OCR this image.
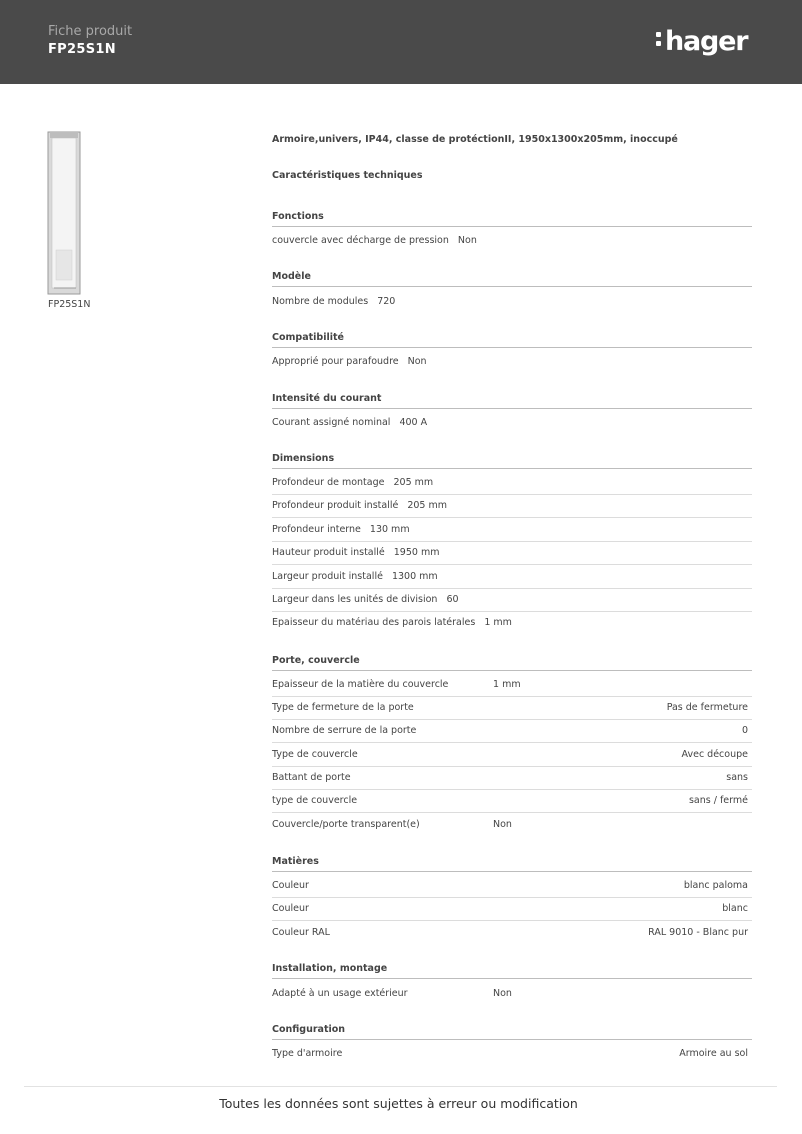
Fiche produit
FP25S1N	hager
FP25S1N
Armoire,univers, IP44, classe de protéctionII, 1950x1300x205mm, inoccupé
Caractéristiques techniques
Fonctions
couvercle avec décharge de pression Non
Modèle
Nombre de modules 720
Compatibilité
Approprié pour parafoudre Non
Intensité du courant
Courant assigné nominal 400 A
Dimensions
Profondeur de montage 205 mm
Profondeur produit installé 205 mm
Profondeur interne 130 mm
Hauteur produit installé 1950 mm
Largeur produit installé 1300 mm
Largeur dans les unités de division 60
Epaisseur du matériau des parois latérales 1 mm
Porte, couvercle
Epaisseur de la matière du couvercle	1 mm
Type de fermeture de la porte	Pas de fermeture
Nombre de serrure de la porte	0
Type de couvercle	Avec découpe
Battant de porte	sans
type de couvercle	sans / fermé
Couvercle/porte transparent(e)	Non
Matières
Couleur	blanc paloma
Couleur	blanc
Couleur RAL	RAL 9010 - Blanc pur
Installation, montage
Adapté à un usage extérieur	Non
Configuration
Type d'armoire	Armoire au sol
Toutes les données sont sujettes à erreur ou modification
